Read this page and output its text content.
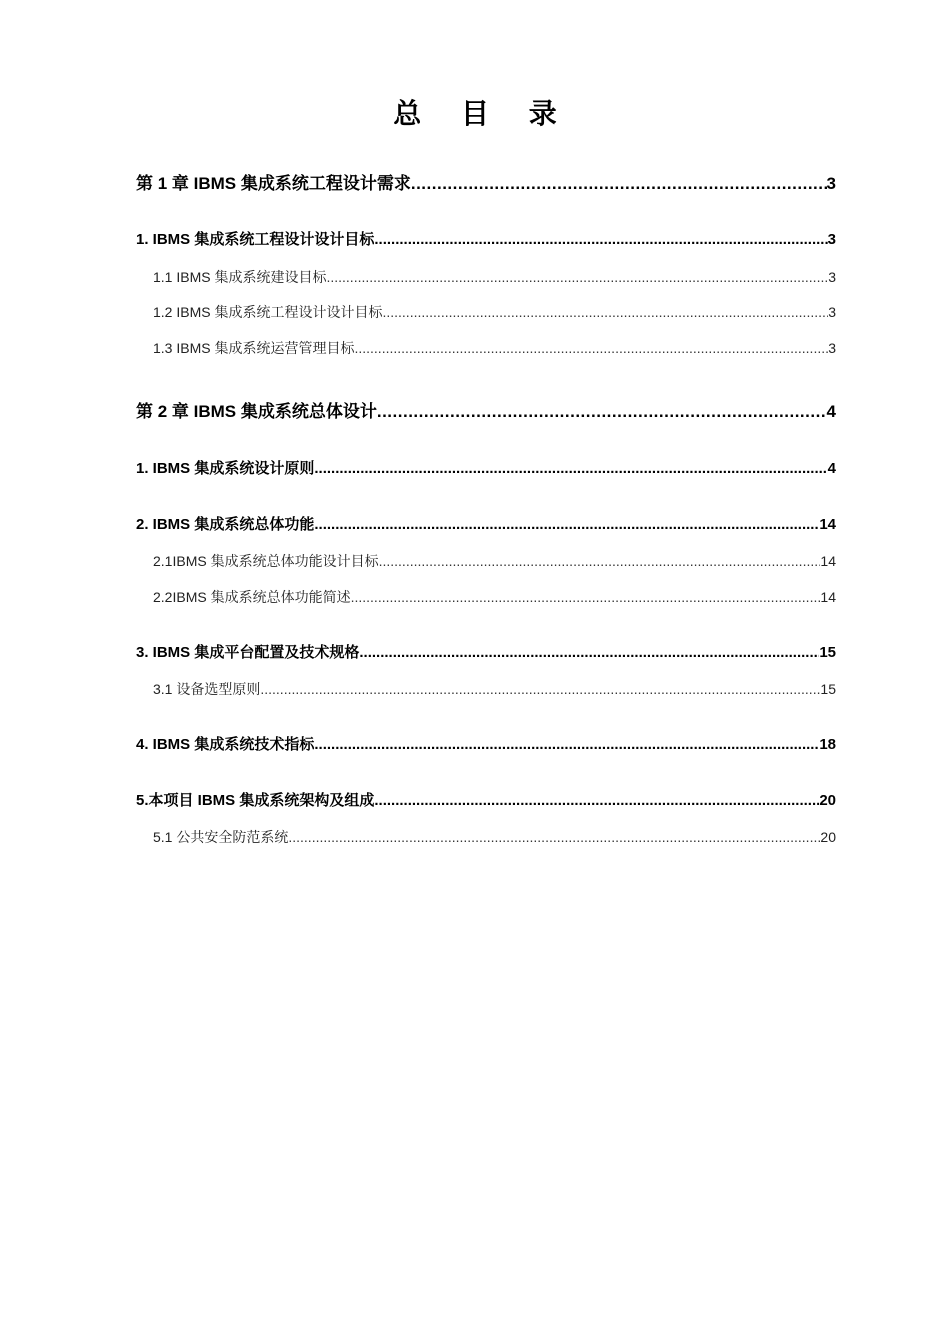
总 目 录
第 1 章 IBMS 集成系统工程设计需求 .....	3
1. IBMS 集成系统工程设计设计目标 .....	3
1.1 IBMS 集成系统建设目标 .....	3
1.2 IBMS 集成系统工程设计设计目标 .....	3
1.3 IBMS 集成系统运营管理目标 .....	3
第 2 章 IBMS 集成系统总体设计 .....	4
1. IBMS 集成系统设计原则 .....	4
2. IBMS 集成系统总体功能 .....	14
2.1IBMS 集成系统总体功能设计目标 .....	14
2.2IBMS 集成系统总体功能简述 .....	14
3. IBMS 集成平台配置及技术规格 .....	15
3.1 设备选型原则 .....	15
4. IBMS 集成系统技术指标 .....	18
5.本项目 IBMS 集成系统架构及组成 .....	20
5.1 公共安全防范系统 .....	20
